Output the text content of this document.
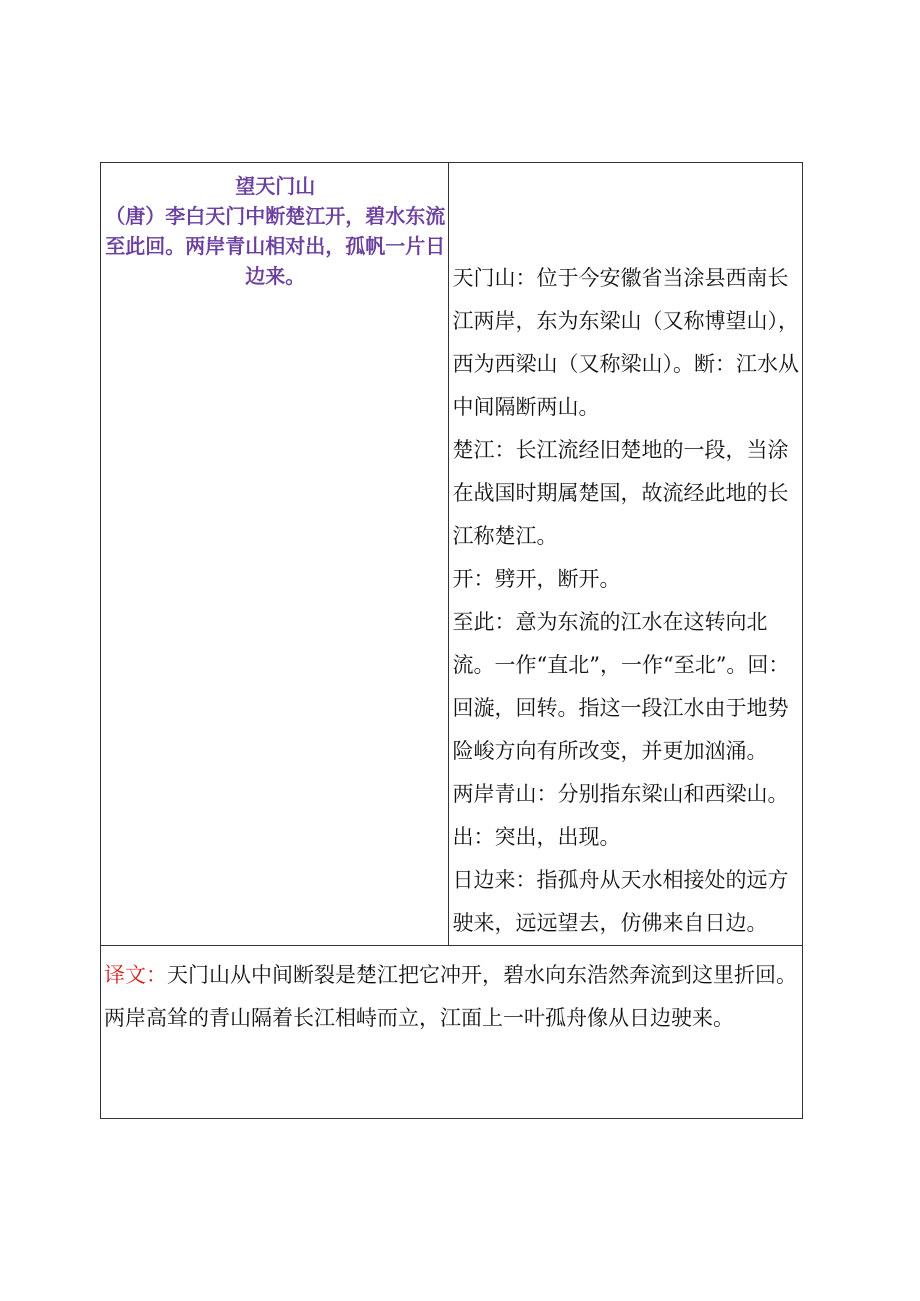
望天门山
（唐）李白天门中断楚江开，碧水东流至此回。两岸青山相对出，孤帆一片日边来。	天门山：位于今安徽省当涂县西南长江两岸，东为东梁山（又称博望山），西为西梁山（又称梁山）。断：江水从中间隔断两山。

楚江：长江流经旧楚地的一段，当涂在战国时期属楚国，故流经此地的长江称楚江。

开：劈开，断开。

至此：意为东流的江水在这转向北流。一作“直北”，一作“至北”。回：回漩，回转。指这一段江水由于地势险峻方向有所改变，并更加汹涌。

两岸青山：分别指东梁山和西梁山。

出：突出，出现。

日边来：指孤舟从天水相接处的远方驶来，远远望去，仿佛来自日边。

译文：天门山从中间断裂是楚江把它冲开，碧水向东浩然奔流到这里折回。两岸高耸的青山隔着长江相峙而立，江面上一叶孤舟像从日边驶来。
